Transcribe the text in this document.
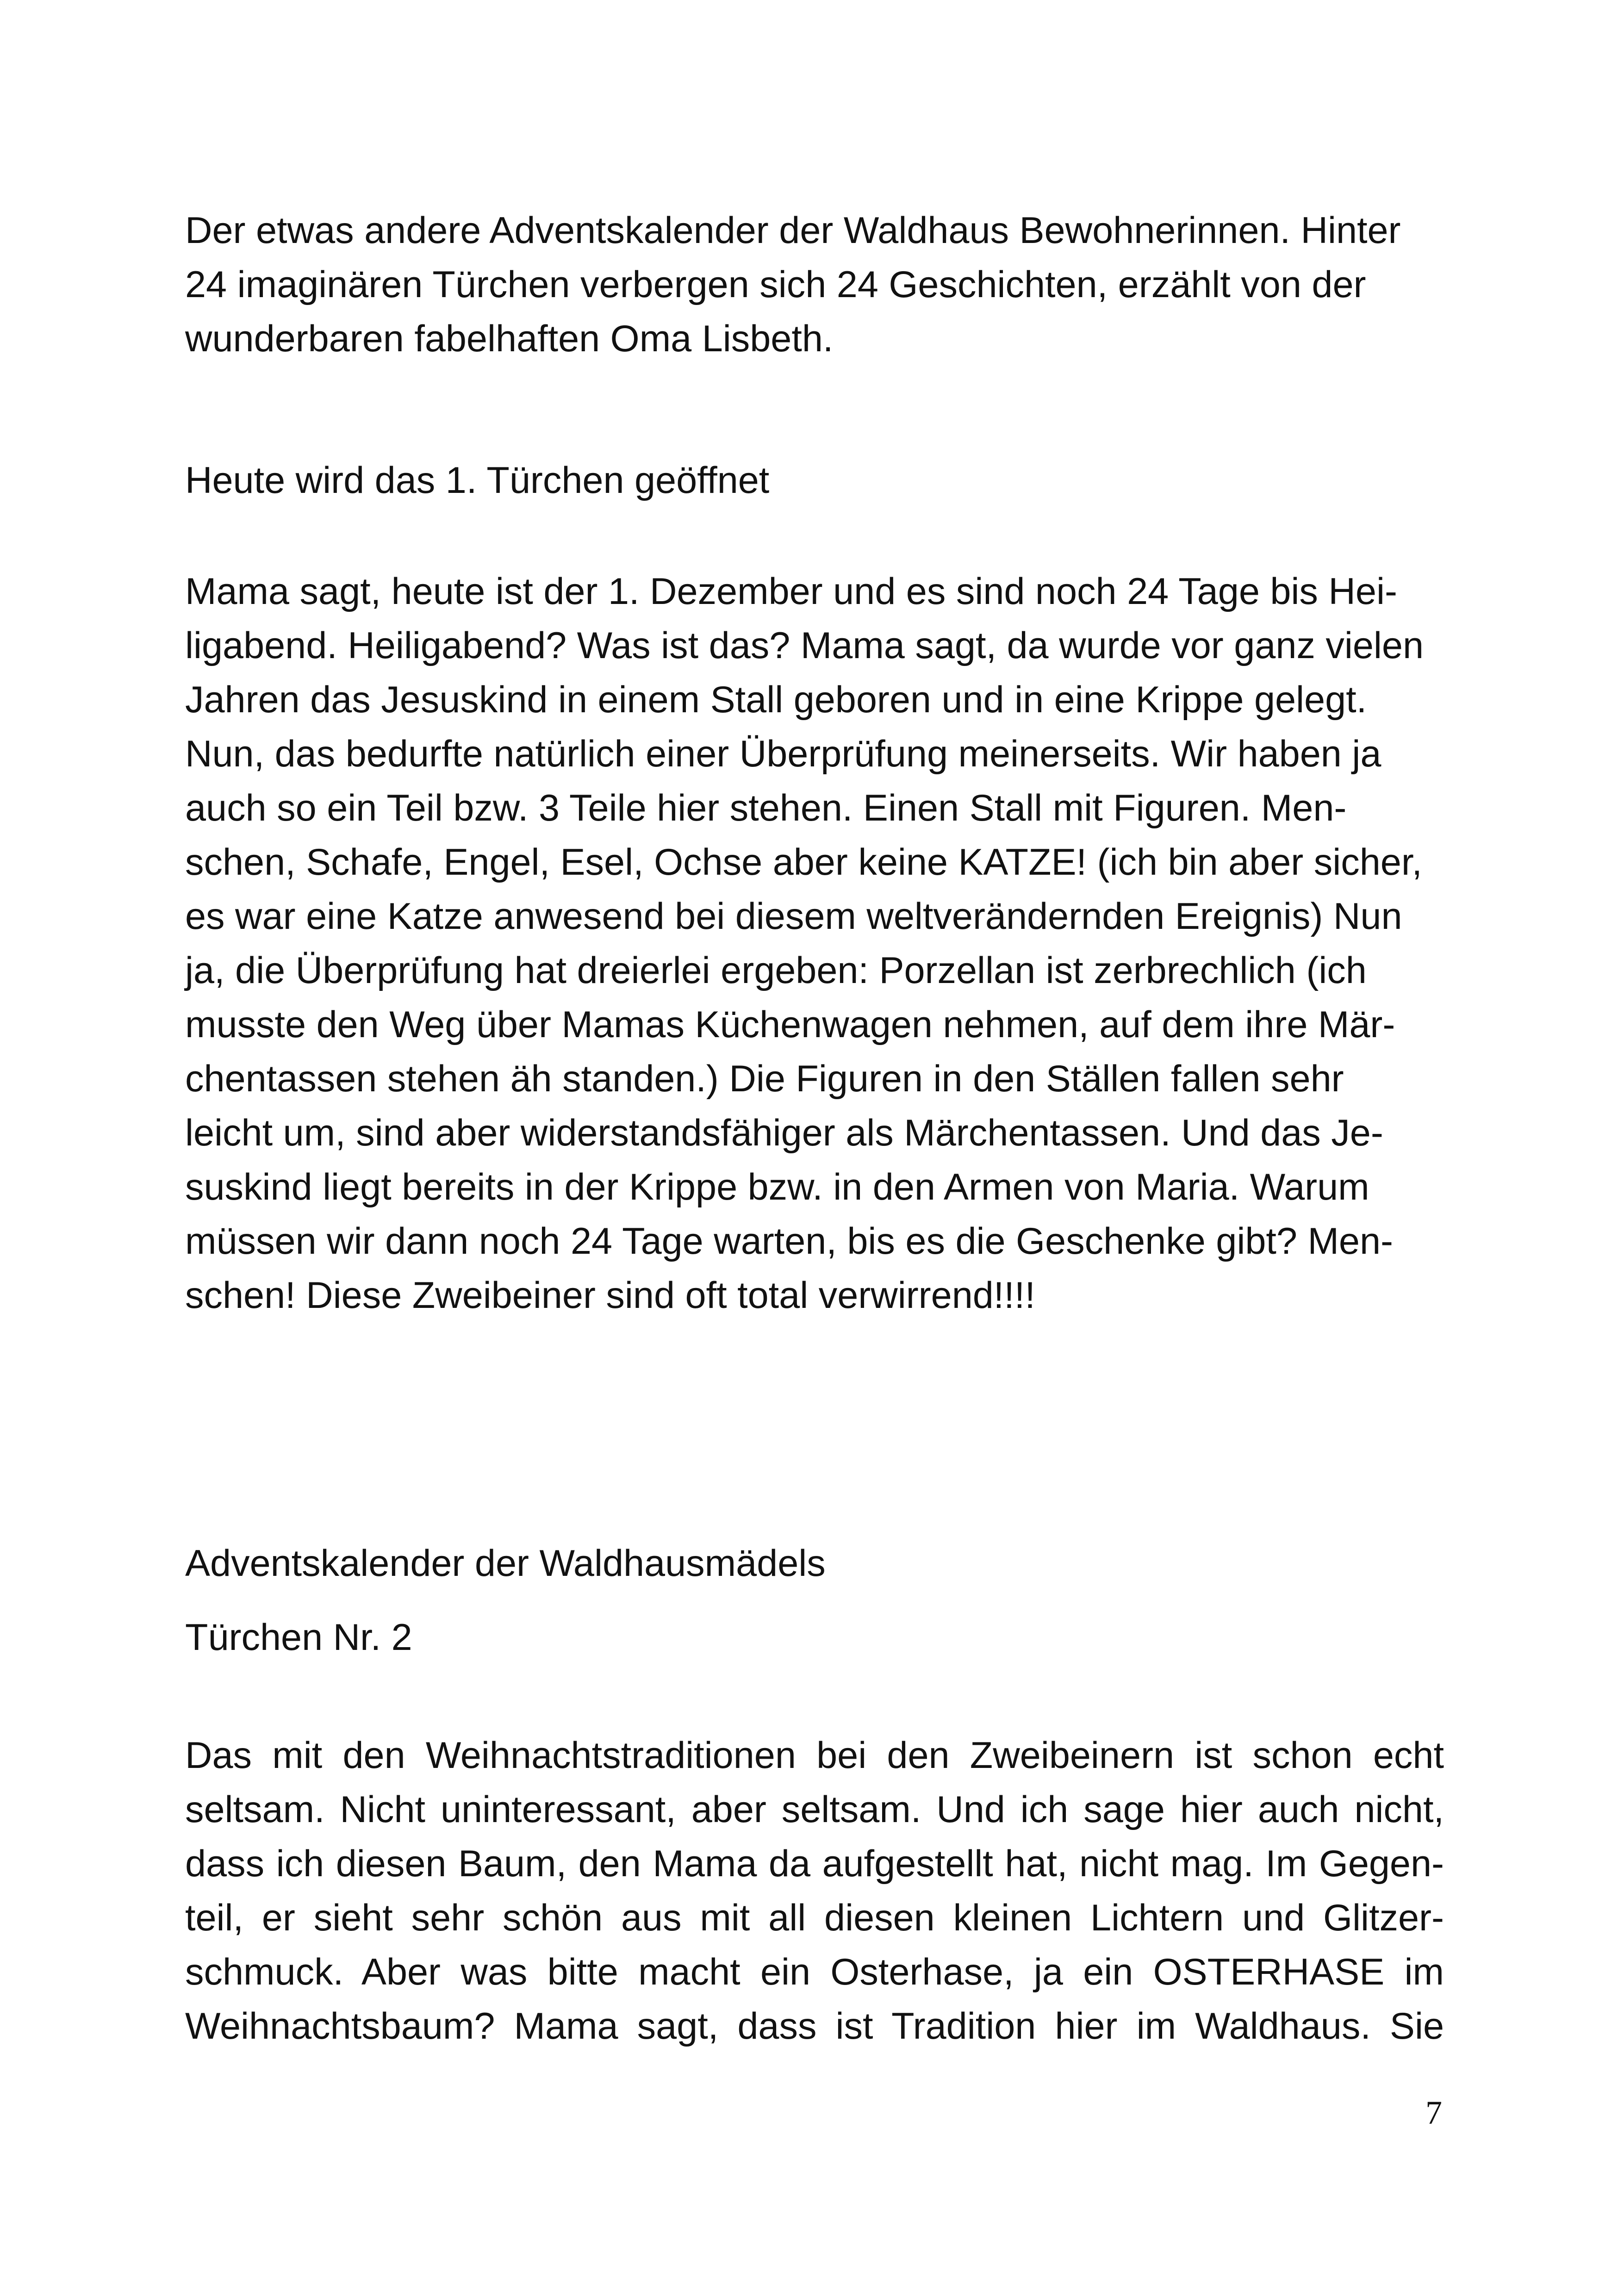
Der etwas andere Adventskalender der Waldhaus Bewohnerinnen. Hinter
24 imaginären Türchen verbergen sich 24 Geschichten, erzählt von der
wunderbaren fabelhaften Oma Lisbeth.
Heute wird das 1. Türchen geöffnet
Mama sagt, heute ist der 1. Dezember und es sind noch 24 Tage bis Hei-
ligabend. Heiligabend? Was ist das? Mama sagt, da wurde vor ganz vielen
Jahren das Jesuskind in einem Stall geboren und in eine Krippe gelegt.
Nun, das bedurfte natürlich einer Überprüfung meinerseits. Wir haben ja
auch so ein Teil bzw. 3 Teile hier stehen. Einen Stall mit Figuren. Men-
schen, Schafe, Engel, Esel, Ochse aber keine KATZE! (ich bin aber sicher,
es war eine Katze anwesend bei diesem weltverändernden Ereignis) Nun
ja, die Überprüfung hat dreierlei ergeben: Porzellan ist zerbrechlich (ich
musste den Weg über Mamas Küchenwagen nehmen, auf dem ihre Mär-
chentassen stehen äh standen.) Die Figuren in den Ställen fallen sehr
leicht um, sind aber widerstandsfähiger als Märchentassen. Und das Je-
suskind liegt bereits in der Krippe bzw. in den Armen von Maria. Warum
müssen wir dann noch 24 Tage warten, bis es die Geschenke gibt? Men-
schen! Diese Zweibeiner sind oft total verwirrend!!!!
Adventskalender der Waldhausmädels
Türchen Nr. 2
Das mit den Weihnachtstraditionen bei den Zweibeinern ist schon echt
seltsam. Nicht uninteressant, aber seltsam. Und ich sage hier auch nicht,
dass ich diesen Baum, den Mama da aufgestellt hat, nicht mag. Im Gegen-
teil, er sieht sehr schön aus mit all diesen kleinen Lichtern und Glitzer-
schmuck. Aber was bitte macht ein Osterhase, ja ein OSTERHASE im
Weihnachtsbaum? Mama sagt, dass ist Tradition hier im Waldhaus. Sie
7
